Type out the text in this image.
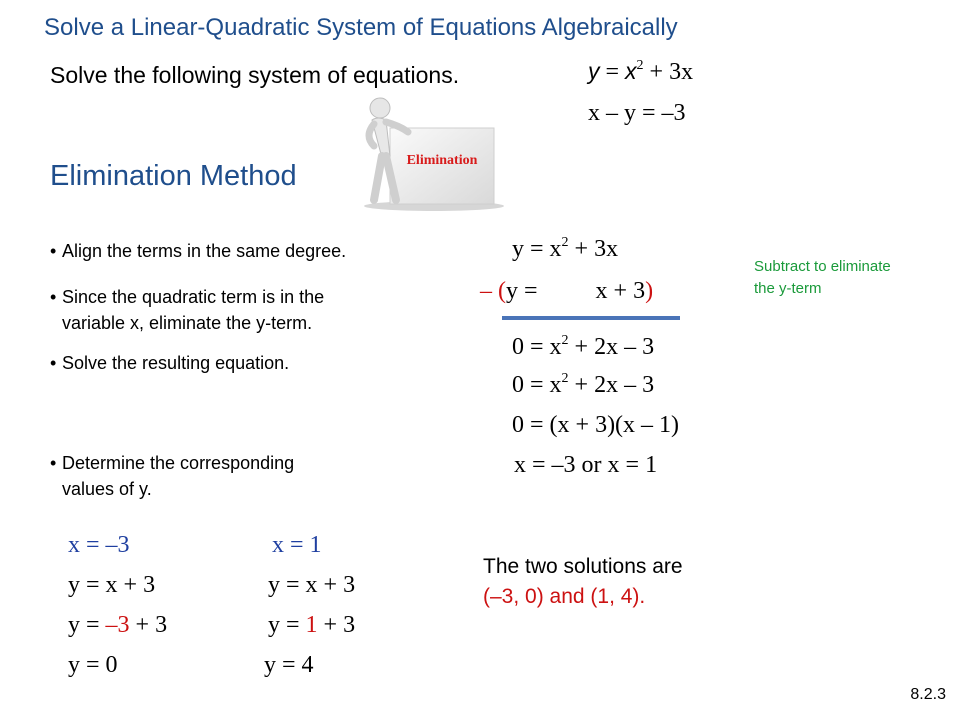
Solve a Linear-Quadratic System of Equations Algebraically
Solve the following system of equations.	$y = x^2 + 3x$
x – y = –3
Elimination Method	Elimination
• Align the terms in the same degree.
• Since the quadratic term is in the
variable x, eliminate the y-term.
• Solve the resulting equation.
• Determine the corresponding
values of y.
$y = x^2 + 3x$
– (y = x + 3)
$0 = x^2 + 2x - 3$
$0 = x^2 + 2x - 3$
0 = (x + 3)(x – 1)
x = –3 or x = 1
Subtract to eliminate the y-term
x = –3
y = x + 3
y = –3 + 3
y = 0
x = 1
y = x + 3
y = 1 + 3
y = 4
The two solutions are
(–3, 0) and (1, 4).
8.2.3
